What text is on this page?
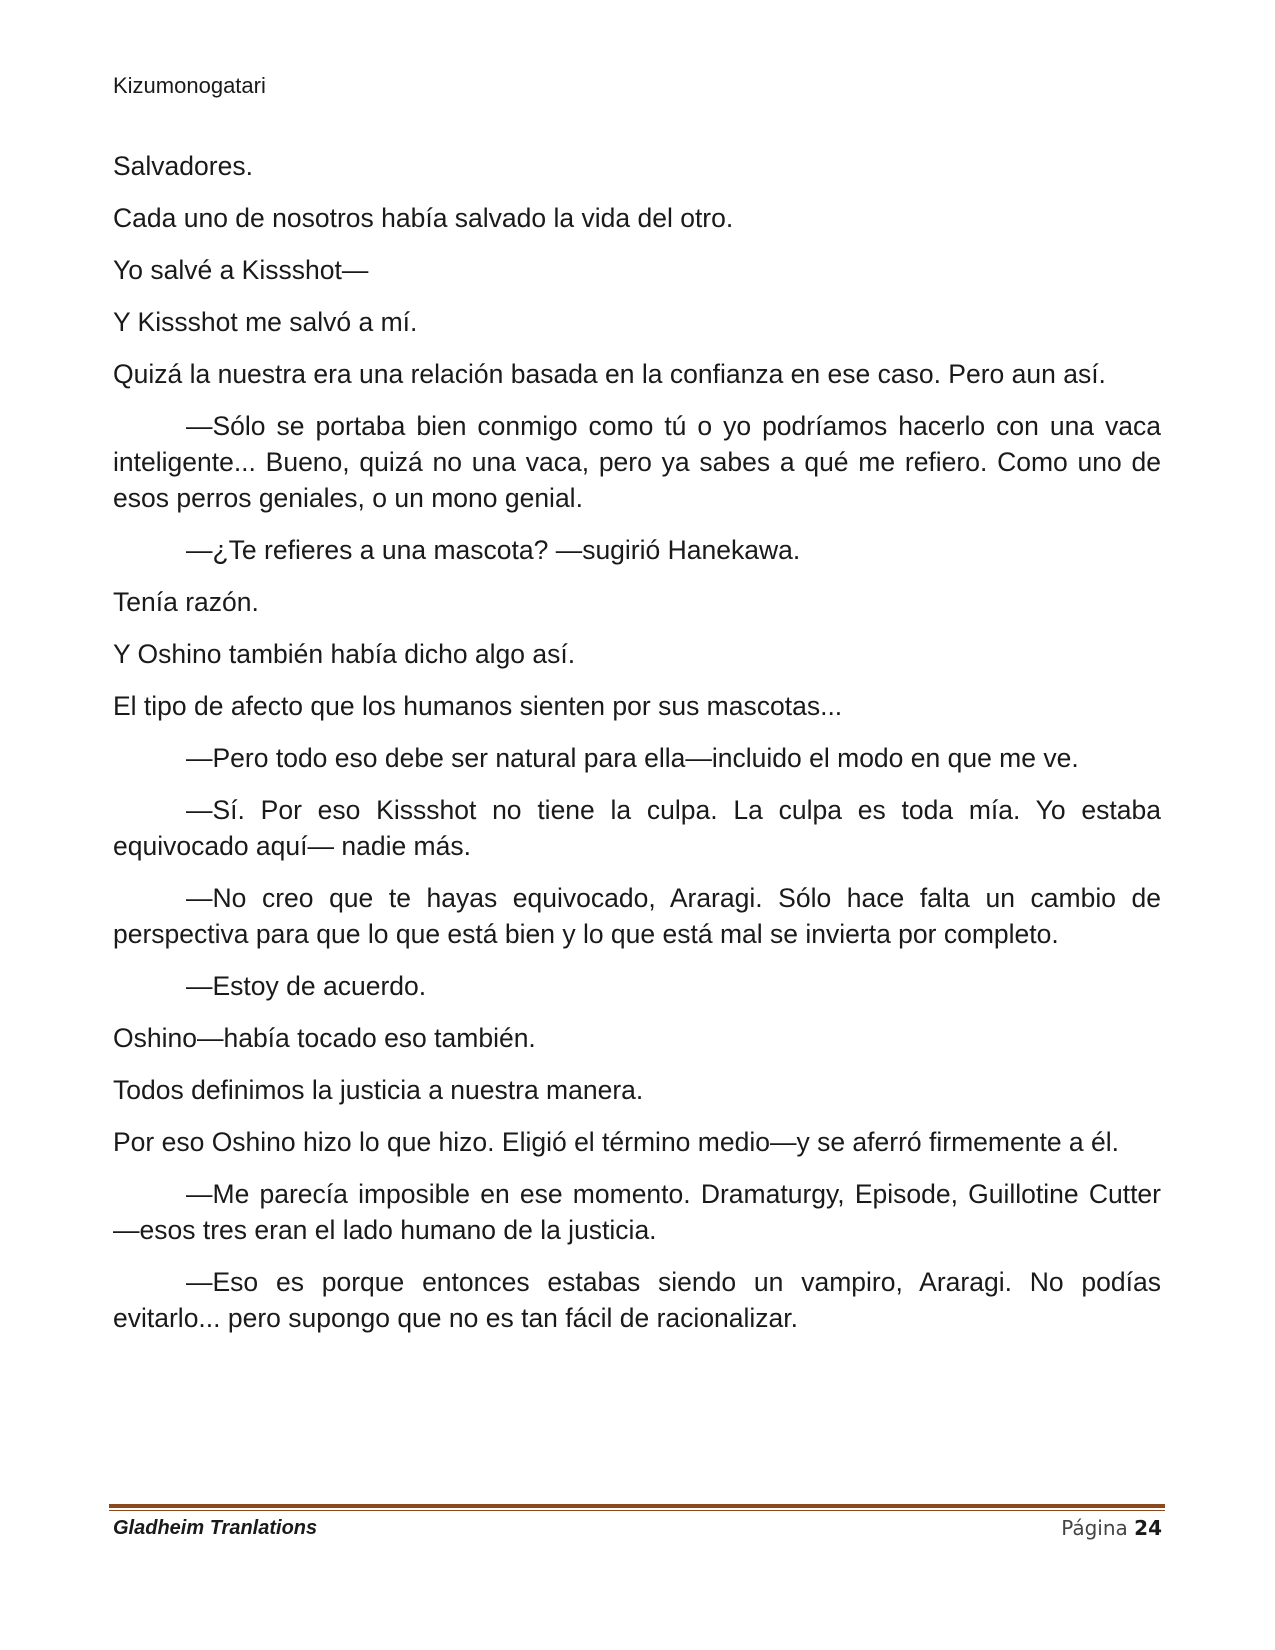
Kizumonogatari

Salvadores.

Cada uno de nosotros había salvado la vida del otro.

Yo salvé a Kissshot—

Y Kissshot me salvó a mí.

Quizá la nuestra era una relación basada en la confianza en ese caso. Pero aun así.

—Sólo se portaba bien conmigo como tú o yo podríamos hacerlo con una vaca inteligente... Bueno, quizá no una vaca, pero ya sabes a qué me refiero. Como uno de esos perros geniales, o un mono genial.

—¿Te refieres a una mascota? —sugirió Hanekawa.

Tenía razón.

Y Oshino también había dicho algo así.

El tipo de afecto que los humanos sienten por sus mascotas...

—Pero todo eso debe ser natural para ella—incluido el modo en que me ve.

—Sí. Por eso Kissshot no tiene la culpa. La culpa es toda mía. Yo estaba equivocado aquí— nadie más.

—No creo que te hayas equivocado, Araragi. Sólo hace falta un cambio de perspectiva para que lo que está bien y lo que está mal se invierta por completo.

—Estoy de acuerdo.

Oshino—había tocado eso también.

Todos definimos la justicia a nuestra manera.

Por eso Oshino hizo lo que hizo. Eligió el término medio—y se aferró firmemente a él.

—Me parecía imposible en ese momento. Dramaturgy, Episode, Guillotine Cutter—esos tres eran el lado humano de la justicia.

—Eso es porque entonces estabas siendo un vampiro, Araragi. No podías evitarlo... pero supongo que no es tan fácil de racionalizar.

Gladheim Tranlations	Página 24
